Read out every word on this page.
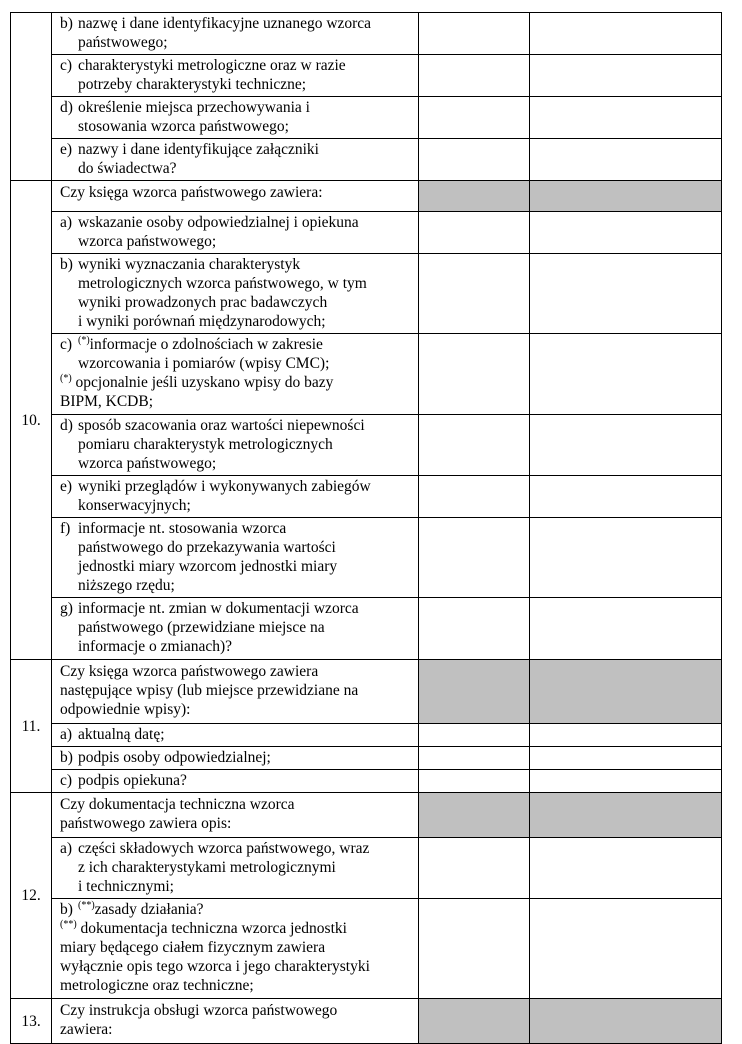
	b) nazwę i dane identyfikacyjne uznanego wzorca
państwowego;		

	c) charakterystyki metrologiczne oraz w razie
potrzeby charakterystyki techniczne;		

	d) określenie miejsca przechowywania i
stosowania wzorca państwowego;		

	e) nazwy i dane identyfikujące załączniki
do świadectwa?		

10.	Czy księga wzorca państwowego zawiera:		

	a) wskazanie osoby odpowiedzialnej i opiekuna
wzorca państwowego;		

	b) wyniki wyznaczania charakterystyk
metrologicznych wzorca państwowego, w tym
wyniki prowadzonych prac badawczych
i wyniki porównań międzynarodowych;		

	c) (*)informacje o zdolnościach w zakresie
wzorcowania i pomiarów (wpisy CMC);
(*) opcjonalnie jeśli uzyskano wpisy do bazy
BIPM, KCDB;		

	d) sposób szacowania oraz wartości niepewności
pomiaru charakterystyk metrologicznych
wzorca państwowego;		

	e) wyniki przeglądów i wykonywanych zabiegów
konserwacyjnych;		

	f) informacje nt. stosowania wzorca
państwowego do przekazywania wartości
jednostki miary wzorcom jednostki miary
niższego rzędu;		

	g) informacje nt. zmian w dokumentacji wzorca
państwowego (przewidziane miejsce na
informacje o zmianach)?		

11.	Czy księga wzorca państwowego zawiera
następujące wpisy (lub miejsce przewidziane na
odpowiednie wpisy):		

	a) aktualną datę;		
	b) podpis osoby odpowiedzialnej;		
	c) podpis opiekuna?		
12.	Czy dokumentacja techniczna wzorca
państwowego zawiera opis:		

	a) części składowych wzorca państwowego, wraz
z ich charakterystykami metrologicznymi
i technicznymi;		

	b) (**)zasady działania?
(**) dokumentacja techniczna wzorca jednostki
miary będącego ciałem fizycznym zawiera
wyłącznie opis tego wzorca i jego charakterystyki
metrologiczne oraz techniczne;		

13.	Czy instrukcja obsługi wzorca państwowego
zawiera:		
